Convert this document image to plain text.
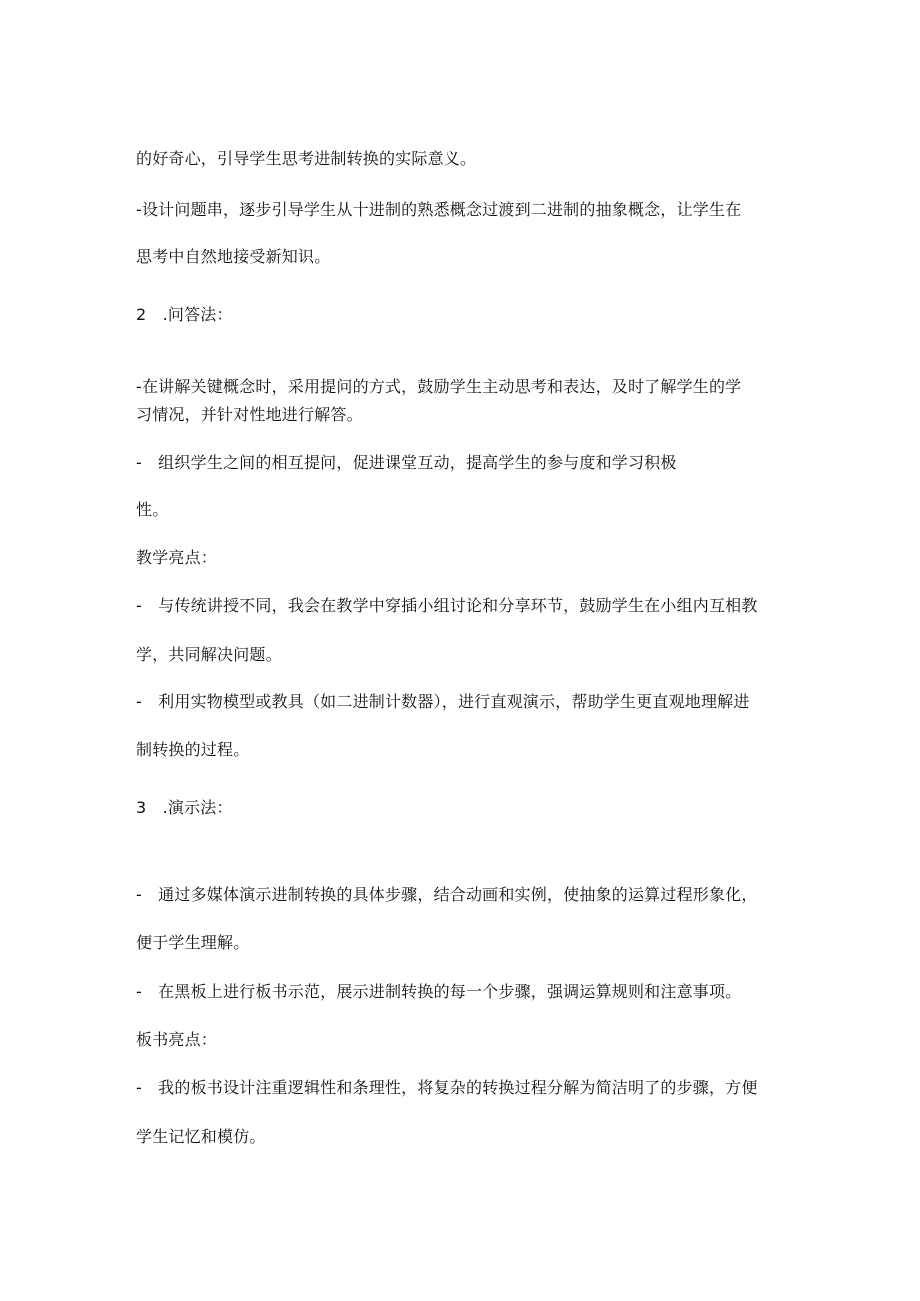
的好奇心，引导学生思考进制转换的实际意义。
-设计问题串，逐步引导学生从十进制的熟悉概念过渡到二进制的抽象概念，让学生在
思考中自然地接受新知识。
2　.问答法：
-在讲解关键概念时，采用提问的方式，鼓励学生主动思考和表达，及时了解学生的学
习情况，并针对性地进行解答。
-　组织学生之间的相互提问，促进课堂互动，提高学生的参与度和学习积极
性。
教学亮点：
-　与传统讲授不同，我会在教学中穿插小组讨论和分享环节，鼓励学生在小组内互相教
学，共同解决问题。
-　利用实物模型或教具（如二进制计数器），进行直观演示，帮助学生更直观地理解进
制转换的过程。
3　.演示法：
-　通过多媒体演示进制转换的具体步骤，结合动画和实例，使抽象的运算过程形象化，
便于学生理解。
-　在黑板上进行板书示范，展示进制转换的每一个步骤，强调运算规则和注意事项。
板书亮点：
-　我的板书设计注重逻辑性和条理性，将复杂的转换过程分解为简洁明了的步骤，方便
学生记忆和模仿。
